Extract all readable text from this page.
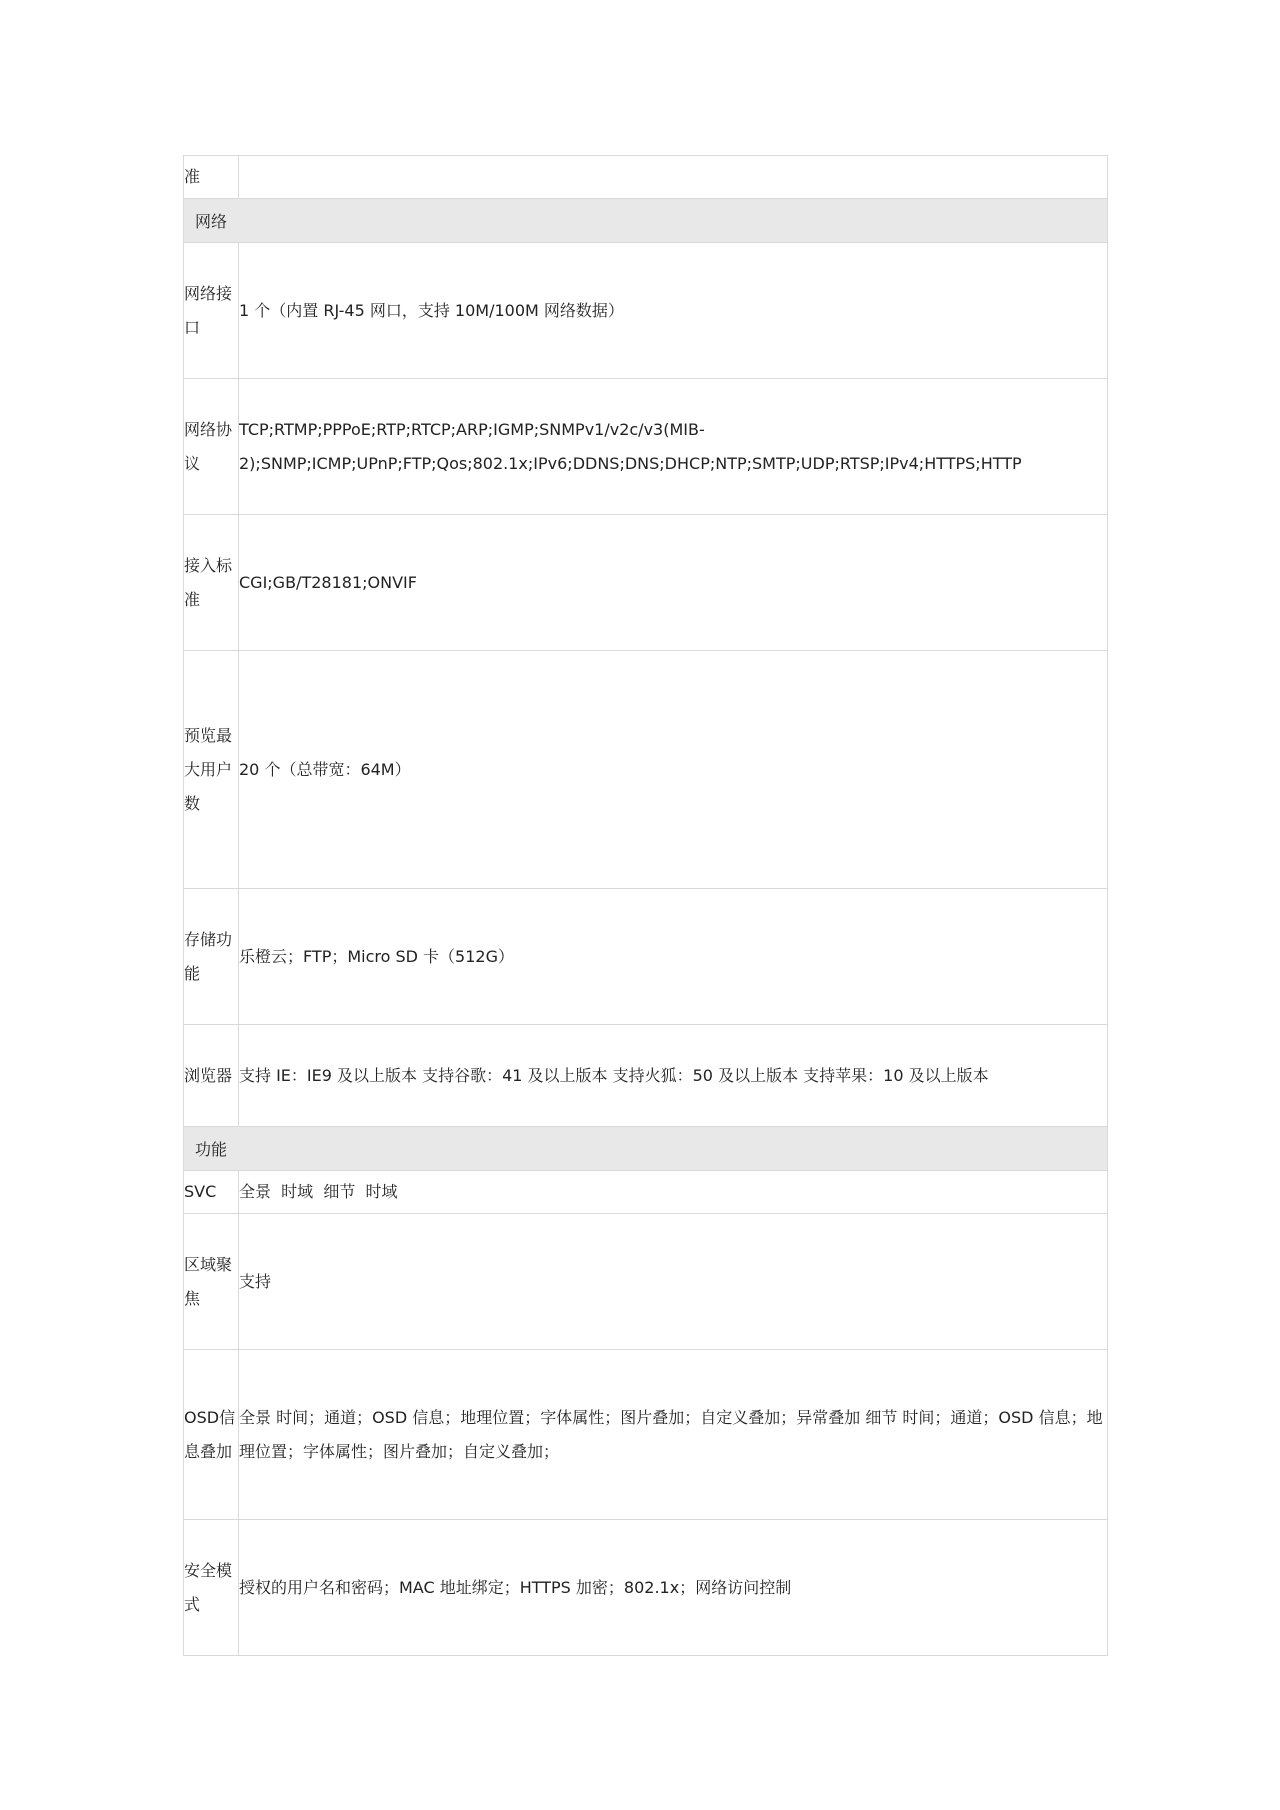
准	
网络	
网络接口	1 个（内置 RJ-45 网口，支持 10M/100M 网络数据）
网络协议	TCP;RTMP;PPPoE;RTP;RTCP;ARP;IGMP;SNMPv1/v2c/v3(MIB-2);SNMP;ICMP;UPnP;FTP;Qos;802.1x;IPv6;DDNS;DNS;DHCP;NTP;SMTP;UDP;RTSP;IPv4;HTTPS;HTTP
接入标准	CGI;GB/T28181;ONVIF
预览最大用户数	20 个（总带宽：64M）
存储功能	乐橙云；FTP；Micro SD 卡（512G）
浏览器	支持 IE：IE9 及以上版本 支持谷歌：41 及以上版本 支持火狐：50 及以上版本 支持苹果：10 及以上版本
功能	
SVC	全景  时域  细节  时域
区域聚焦	支持
OSD信息叠加	全景 时间；通道；OSD 信息；地理位置；字体属性；图片叠加；自定义叠加；异常叠加 细节 时间；通道；OSD 信息；地理位置；字体属性；图片叠加；自定义叠加；
安全模式	授权的用户名和密码；MAC 地址绑定；HTTPS 加密；802.1x；网络访问控制
